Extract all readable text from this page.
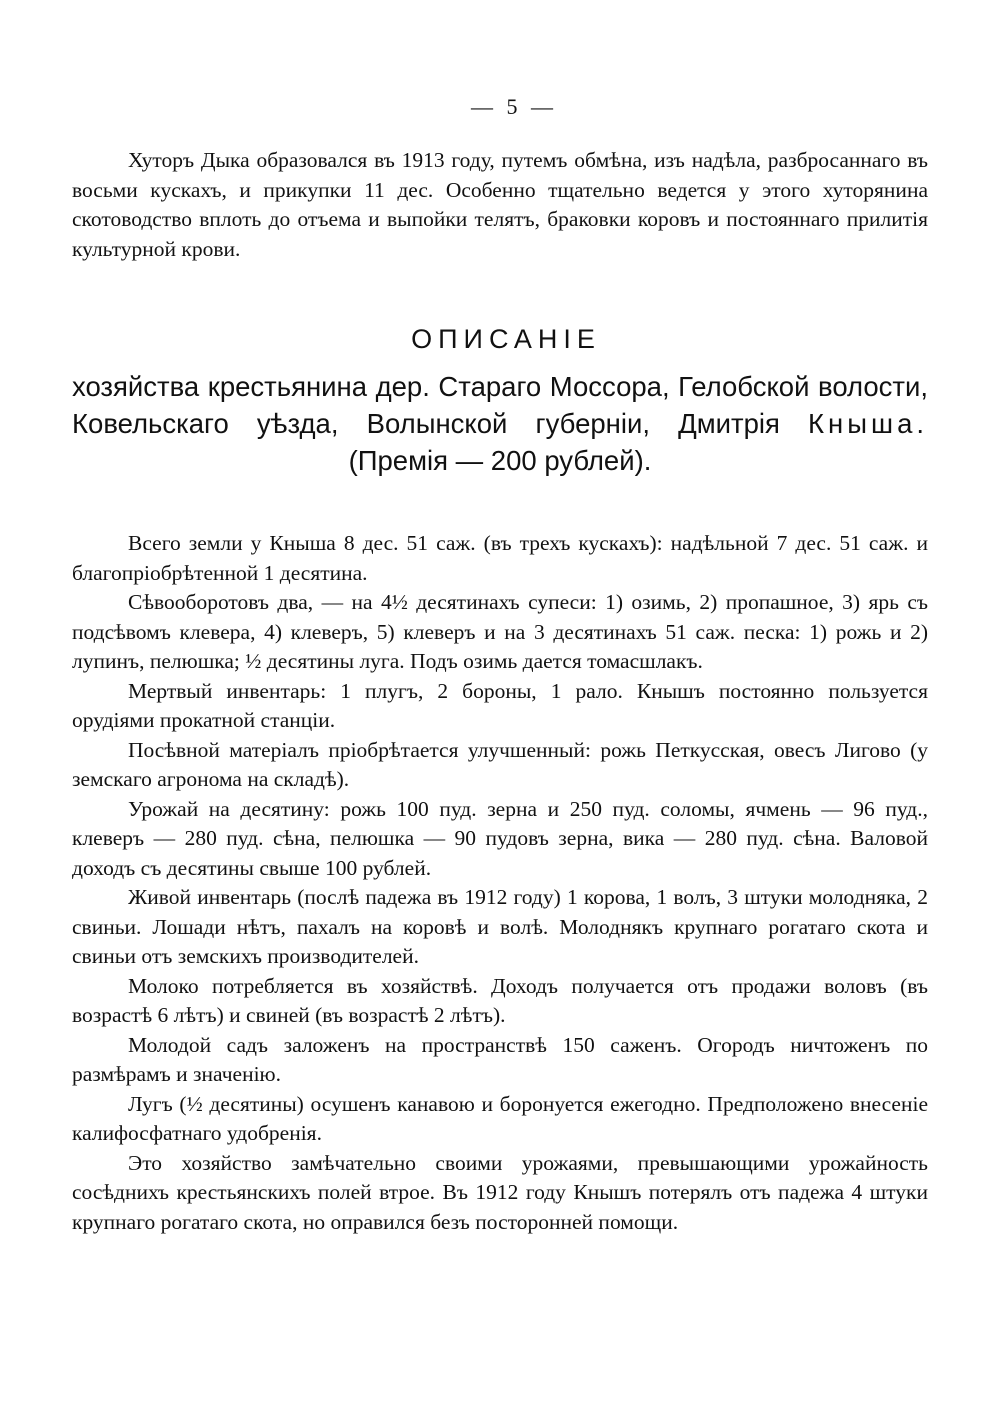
— 5 —

Хуторъ Дыка образовался въ 1913 году, путемъ обмѣна, изъ надѣла, разбросаннаго въ восьми кускахъ, и прикупки 11 дес. Особенно тщательно ведется у этого хуторянина скотоводство вплоть до отъема и выпойки телятъ, браковки коровъ и постояннаго прилитія культурной крови.

ОПИСАНІЕ
хозяйства крестьянина дер. Стараго Моссора, Гелобской волости, Ковельскаго уѣзда, Волынской губерніи, Дмитрія Кныша.
(Премія — 200 рублей).

Всего земли у Кныша 8 дес. 51 саж. (въ трехъ кускахъ): надѣльной 7 дес. 51 саж. и благопріобрѣтенной 1 десятина.

Сѣвооборотовъ два, — на 4½ десятинахъ супеси: 1) озимь, 2) пропашное, 3) ярь съ подсѣвомъ клевера, 4) клеверъ, 5) клеверъ и на 3 десятинахъ 51 саж. песка: 1) рожь и 2) лупинъ, пелюшка; ½ десятины луга. Подъ озимь дается томасшлакъ.

Мертвый инвентарь: 1 плугъ, 2 бороны, 1 рало. Кнышъ постоянно пользуется орудіями прокатной станціи.

Посѣвной матеріалъ пріобрѣтается улучшенный: рожь Петкусская, овесъ Лигово (у земскаго агронома на складѣ).

Урожай на десятину: рожь 100 пуд. зерна и 250 пуд. соломы, ячмень — 96 пуд., клеверъ — 280 пуд. сѣна, пелюшка — 90 пудовъ зерна, вика — 280 пуд. сѣна. Валовой доходъ съ десятины свыше 100 рублей.

Живой инвентарь (послѣ падежа въ 1912 году) 1 корова, 1 волъ, 3 штуки молодняка, 2 свиньи. Лошади нѣтъ, пахалъ на коровѣ и волѣ. Молоднякъ крупнаго рогатаго скота и свиньи отъ земскихъ производителей.

Молоко потребляется въ хозяйствѣ. Доходъ получается отъ продажи воловъ (въ возрастѣ 6 лѣтъ) и свиней (въ возрастѣ 2 лѣтъ).

Молодой садъ заложенъ на пространствѣ 150 саженъ. Огородъ ничтоженъ по размѣрамъ и значенію.

Лугъ (½ десятины) осушенъ канавою и боронуется ежегодно. Предположено внесеніе калифосфатнаго удобренія.

Это хозяйство замѣчательно своими урожаями, превышающими урожайность сосѣднихъ крестьянскихъ полей втрое. Въ 1912 году Кнышъ потерялъ отъ падежа 4 штуки крупнаго рогатаго скота, но оправился безъ посторонней помощи.
